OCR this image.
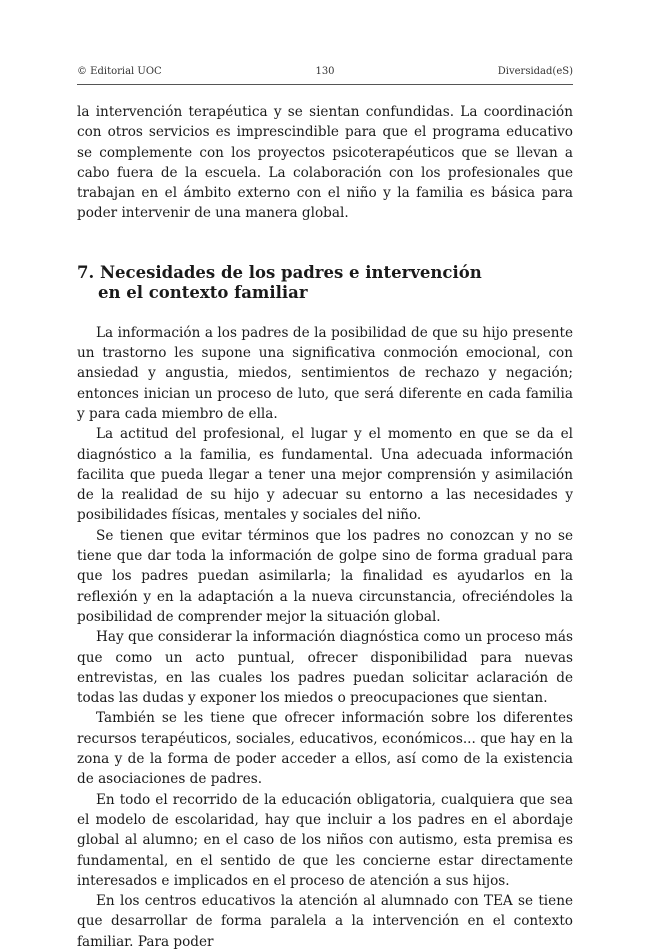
© Editorial UOC	130	Diversidad(eS)

la intervención terapéutica y se sientan confundidas. La coordinación con otros servicios es imprescindible para que el programa educativo se complemente con los proyectos psicoterapéuticos que se llevan a cabo fuera de la escuela. La colaboración con los profesionales que trabajan en el ámbito externo con el niño y la familia es básica para poder intervenir de una manera global.

7. Necesidades de los padres e intervención
en el contexto familiar

La información a los padres de la posibilidad de que su hijo presente un trastorno les supone una significativa conmoción emocional, con ansiedad y angustia, miedos, sentimientos de rechazo y negación; entonces inician un proceso de luto, que será diferente en cada familia y para cada miembro de ella.

La actitud del profesional, el lugar y el momento en que se da el diagnóstico a la familia, es fundamental. Una adecuada información facilita que pueda llegar a tener una mejor comprensión y asimilación de la realidad de su hijo y adecuar su entorno a las necesidades y posibilidades físicas, mentales y sociales del niño.

Se tienen que evitar términos que los padres no conozcan y no se tiene que dar toda la información de golpe sino de forma gradual para que los padres puedan asimilarla; la finalidad es ayudarlos en la reflexión y en la adaptación a la nueva circunstancia, ofreciéndoles la posibilidad de comprender mejor la situación global.

Hay que considerar la información diagnóstica como un proceso más que como un acto puntual, ofrecer disponibilidad para nuevas entrevistas, en las cuales los padres puedan solicitar aclaración de todas las dudas y exponer los miedos o preocupaciones que sientan.

También se les tiene que ofrecer información sobre los diferentes recursos terapéuticos, sociales, educativos, económicos... que hay en la zona y de la forma de poder acceder a ellos, así como de la existencia de asociaciones de padres.

En todo el recorrido de la educación obligatoria, cualquiera que sea el modelo de escolaridad, hay que incluir a los padres en el abordaje global al alumno; en el caso de los niños con autismo, esta premisa es fundamental, en el sentido de que les concierne estar directamente interesados e implicados en el proceso de atención a sus hijos.

En los centros educativos la atención al alumnado con TEA se tiene que desarrollar de forma paralela a la intervención en el contexto familiar. Para poder
